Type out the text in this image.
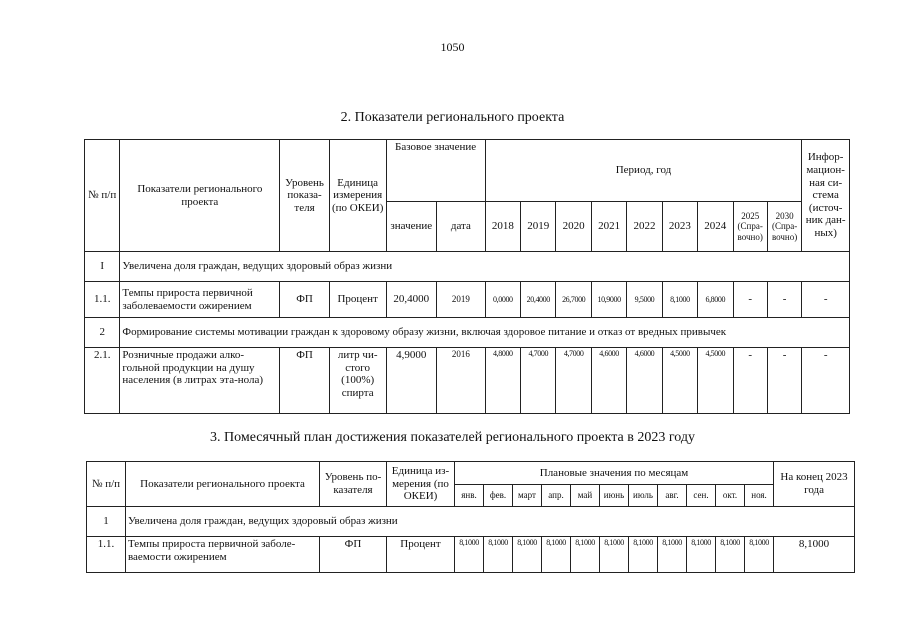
1050
2. Показатели регионального проекта
№ п/п	Показатели регионального проекта	Уровень показа-теля	Единица измерения (по ОКЕИ)	Базовое значение		Период, год									Инфор-мацион-ная си-стема (источ-ник дан-ных)
				значение	дата	2018	2019	2020	2021	2022	2023	2024	2025 (Спра-вочно)	2030 (Спра-вочно)	
I	Увеличена доля граждан, ведущих здоровый образ жизни														
1.1.	Темпы прироста первичной заболеваемости ожирением	ФП	Процент	20,4000	2019	0,0000	20,4000	26,7000	10,9000	9,5000	8,1000	6,8000	-	-	-
2	Формирование системы мотивации граждан к здоровому образу жизни, включая здоровое питание и отказ от вредных привычек														
2.1.	Розничные продажи алко-гольной продукции на душу населения (в литрах эта-нола)	ФП	литр чи-стого (100%) спирта	4,9000	2016	4,8000	4,7000	4,7000	4,6000	4,6000	4,5000	4,5000	-	-	-
3. Помесячный план достижения показателей регионального проекта в 2023 году
№ п/п	Показатели регионального проекта	Уровень по-казателя	Единица из-мерения (по ОКЕИ)	Плановые значения по месяцам											На конец 2023 года
				янв.	фев.	март	апр.	май	июнь	июль	авг.	сен.	окт.	ноя.	
1	Увеличена доля граждан, ведущих здоровый образ жизни														
1.1.	Темпы прироста первичной заболе-ваемости ожирением	ФП	Процент	8,1000	8,1000	8,1000	8,1000	8,1000	8,1000	8,1000	8,1000	8,1000	8,1000	8,1000	8,1000
